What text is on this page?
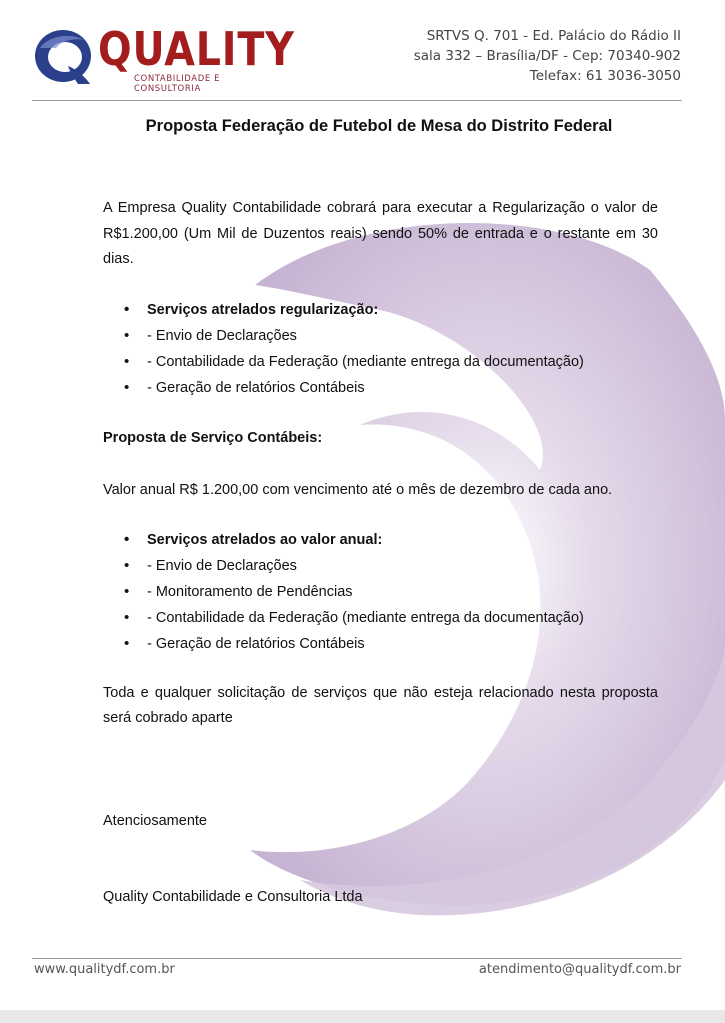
QUALITY
CONTABILIDADE E CONSULTORIA
SRTVS Q. 701 - Ed. Palácio do Rádio II
sala 332 – Brasília/DF - Cep: 70340-902
Telefax: 61 3036-3050
Proposta Federação de Futebol de Mesa do Distrito Federal
A Empresa Quality Contabilidade cobrará para executar a Regularização o valor de R$1.200,00 (Um Mil de Duzentos reais) sendo 50% de entrada e o restante em 30 dias.
• Serviços atrelados regularização:
• - Envio de Declarações
• - Contabilidade da Federação (mediante entrega da documentação)
• - Geração de relatórios Contábeis
Proposta de Serviço Contábeis:
Valor anual R$ 1.200,00 com vencimento até o mês de dezembro de cada ano.
• Serviços atrelados ao valor anual:
• - Envio de Declarações
• - Monitoramento de Pendências
• - Contabilidade da Federação (mediante entrega da documentação)
• - Geração de relatórios Contábeis
Toda e qualquer solicitação de serviços que não esteja relacionado nesta proposta será cobrado aparte
Atenciosamente
Quality Contabilidade e Consultoria Ltda
www.qualitydf.com.br	atendimento@qualitydf.com.br
